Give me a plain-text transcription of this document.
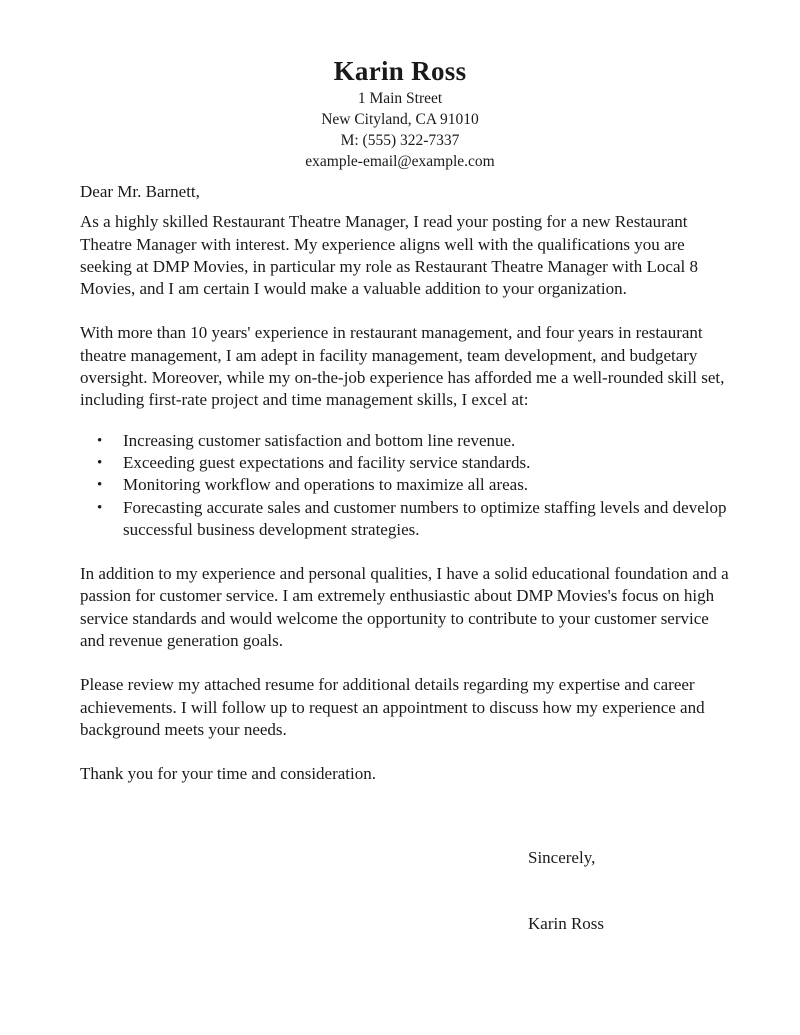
Karin Ross
1 Main Street
New Cityland, CA 91010
M: (555) 322-7337
example-email@example.com

Dear Mr. Barnett,

As a highly skilled Restaurant Theatre Manager, I read your posting for a new Restaurant Theatre Manager with interest. My experience aligns well with the qualifications you are seeking at DMP Movies, in particular my role as Restaurant Theatre Manager with Local 8 Movies, and I am certain I would make a valuable addition to your organization.

With more than 10 years' experience in restaurant management, and four years in restaurant theatre management, I am adept in facility management, team development, and budgetary oversight. Moreover, while my on-the-job experience has afforded me a well-rounded skill set, including first-rate project and time management skills, I excel at:

• Increasing customer satisfaction and bottom line revenue.
• Exceeding guest expectations and facility service standards.
• Monitoring workflow and operations to maximize all areas.
• Forecasting accurate sales and customer numbers to optimize staffing levels and develop successful business development strategies.

In addition to my experience and personal qualities, I have a solid educational foundation and a passion for customer service. I am extremely enthusiastic about DMP Movies's focus on high service standards and would welcome the opportunity to contribute to your customer service and revenue generation goals.

Please review my attached resume for additional details regarding my expertise and career achievements. I will follow up to request an appointment to discuss how my experience and background meets your needs.

Thank you for your time and consideration.

Sincerely,
Karin Ross
